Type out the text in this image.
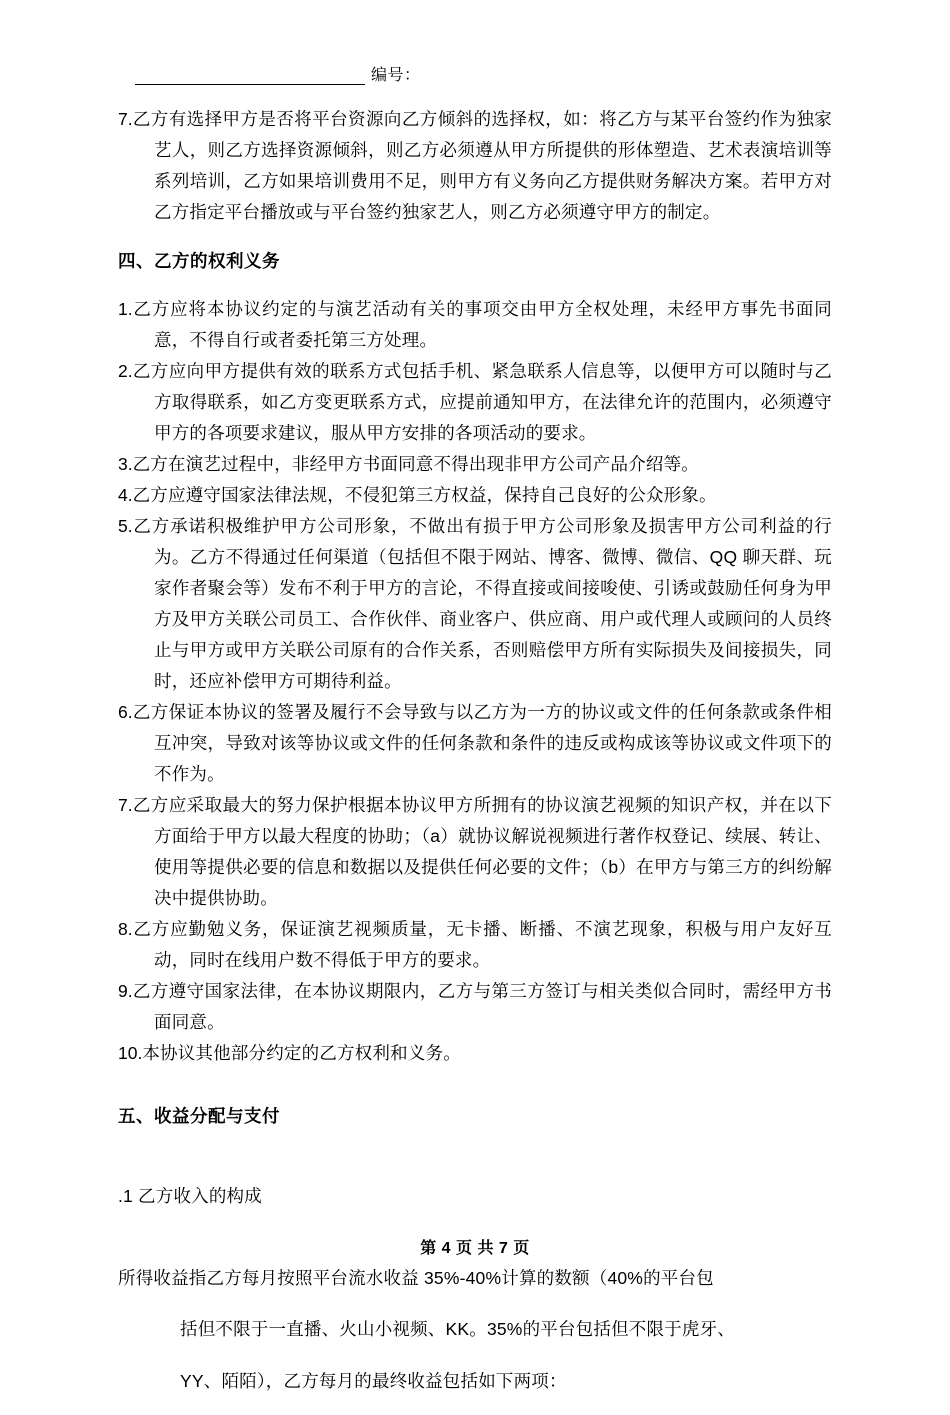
编号：

7.乙方有选择甲方是否将平台资源向乙方倾斜的选择权，如：将乙方与某平台签约作为独家艺人，则乙方选择资源倾斜，则乙方必须遵从甲方所提供的形体塑造、艺术表演培训等系列培训，乙方如果培训费用不足，则甲方有义务向乙方提供财务解决方案。若甲方对乙方指定平台播放或与平台签约独家艺人，则乙方必须遵守甲方的制定。

四、乙方的权利义务

1.乙方应将本协议约定的与演艺活动有关的事项交由甲方全权处理，未经甲方事先书面同意，不得自行或者委托第三方处理。

2.乙方应向甲方提供有效的联系方式包括手机、紧急联系人信息等，以便甲方可以随时与乙方取得联系，如乙方变更联系方式，应提前通知甲方，在法律允许的范围内，必须遵守甲方的各项要求建议，服从甲方安排的各项活动的要求。

3.乙方在演艺过程中，非经甲方书面同意不得出现非甲方公司产品介绍等。

4.乙方应遵守国家法律法规，不侵犯第三方权益，保持自己良好的公众形象。

5.乙方承诺积极维护甲方公司形象，不做出有损于甲方公司形象及损害甲方公司利益的行为。乙方不得通过任何渠道（包括但不限于网站、博客、微博、微信、QQ 聊天群、玩家作者聚会等）发布不利于甲方的言论，不得直接或间接唆使、引诱或鼓励任何身为甲方及甲方关联公司员工、合作伙伴、商业客户、供应商、用户或代理人或顾问的人员终止与甲方或甲方关联公司原有的合作关系，否则赔偿甲方所有实际损失及间接损失，同时，还应补偿甲方可期待利益。

6.乙方保证本协议的签署及履行不会导致与以乙方为一方的协议或文件的任何条款或条件相互冲突，导致对该等协议或文件的任何条款和条件的违反或构成该等协议或文件项下的不作为。

7.乙方应采取最大的努力保护根据本协议甲方所拥有的协议演艺视频的知识产权，并在以下方面给于甲方以最大程度的协助；（a）就协议解说视频进行著作权登记、续展、转让、使用等提供必要的信息和数据以及提供任何必要的文件；（b）在甲方与第三方的纠纷解决中提供协助。

8.乙方应勤勉义务，保证演艺视频质量，无卡播、断播、不演艺现象，积极与用户友好互动，同时在线用户数不得低于甲方的要求。

9.乙方遵守国家法律，在本协议期限内，乙方与第三方签订与相关类似合同时，需经甲方书面同意。

10.本协议其他部分约定的乙方权利和义务。

五、收益分配与支付

.1 乙方收入的构成

所得收益指乙方每月按照平台流水收益 35%-40%计算的数额（40%的平台包

括但不限于一直播、火山小视频、KK。35%的平台包括但不限于虎牙、

YY、陌陌），乙方每月的最终收益包括如下两项：

第 4 页 共 7 页
